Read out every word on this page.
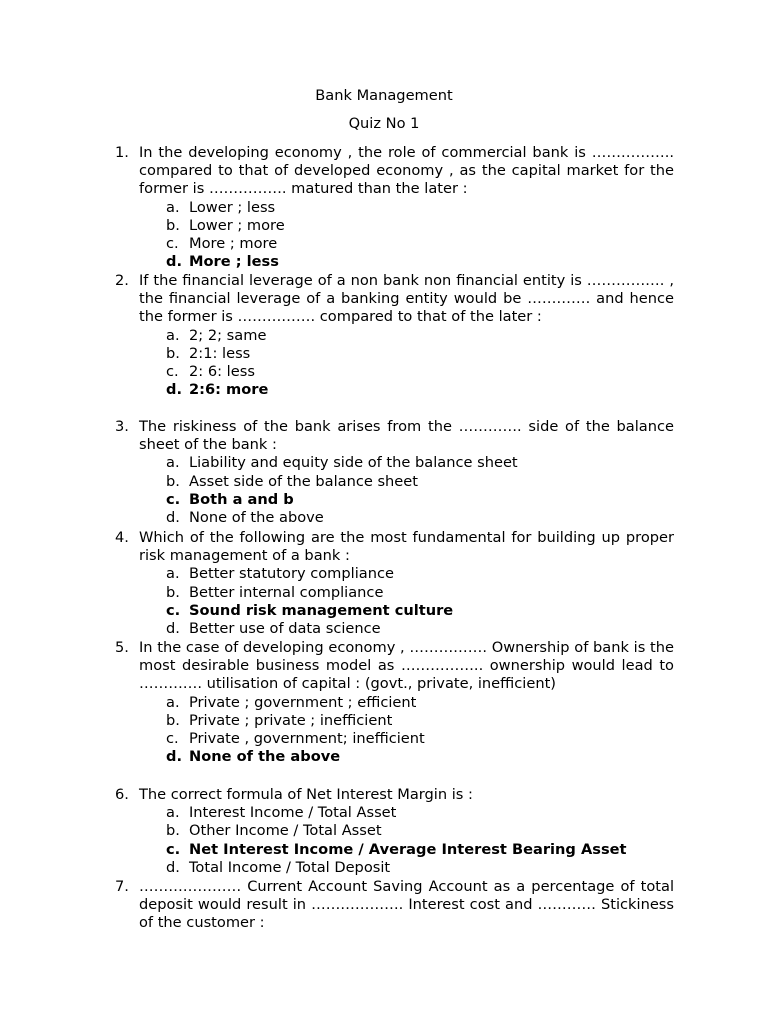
Bank Management
Quiz No 1
1. In the developing economy , the role of commercial bank is …………….. compared to that of developed economy , as the capital market for the former is ……………. matured than the later :
a. Lower ; less
b. Lower ; more
c. More ; more
d. More ; less
2. If the financial leverage of a non bank non financial entity is ……………. , the financial leverage of a banking entity would be …………. and hence the former is ……………. compared to that of the later :
a. 2; 2; same
b. 2:1: less
c. 2: 6: less
d. 2:6: more
3. The riskiness of the bank arises from the …………. side of the balance sheet of the bank :
a. Liability and equity side of the balance sheet
b. Asset side of the balance sheet
c. Both a and b
d. None of the above
4. Which of the following are the most fundamental for building up proper risk management of a bank :
a. Better statutory compliance
b. Better internal compliance
c. Sound risk management culture
d. Better use of data science
5. In the case of developing economy , ……………. Ownership of bank is the most desirable business model as …………….. ownership would lead to …………. utilisation of capital : (govt., private, inefficient)
a. Private ; government ; efficient
b. Private ; private ; inefficient
c. Private , government; inefficient
d. None of the above
6. The correct formula of Net Interest Margin is :
a. Interest Income / Total Asset
b. Other Income / Total Asset
c. Net Interest Income / Average Interest Bearing Asset
d. Total Income / Total Deposit
7. ………………… Current Account Saving Account as a percentage of total deposit would result in ………………. Interest cost and ………… Stickiness of the customer :
